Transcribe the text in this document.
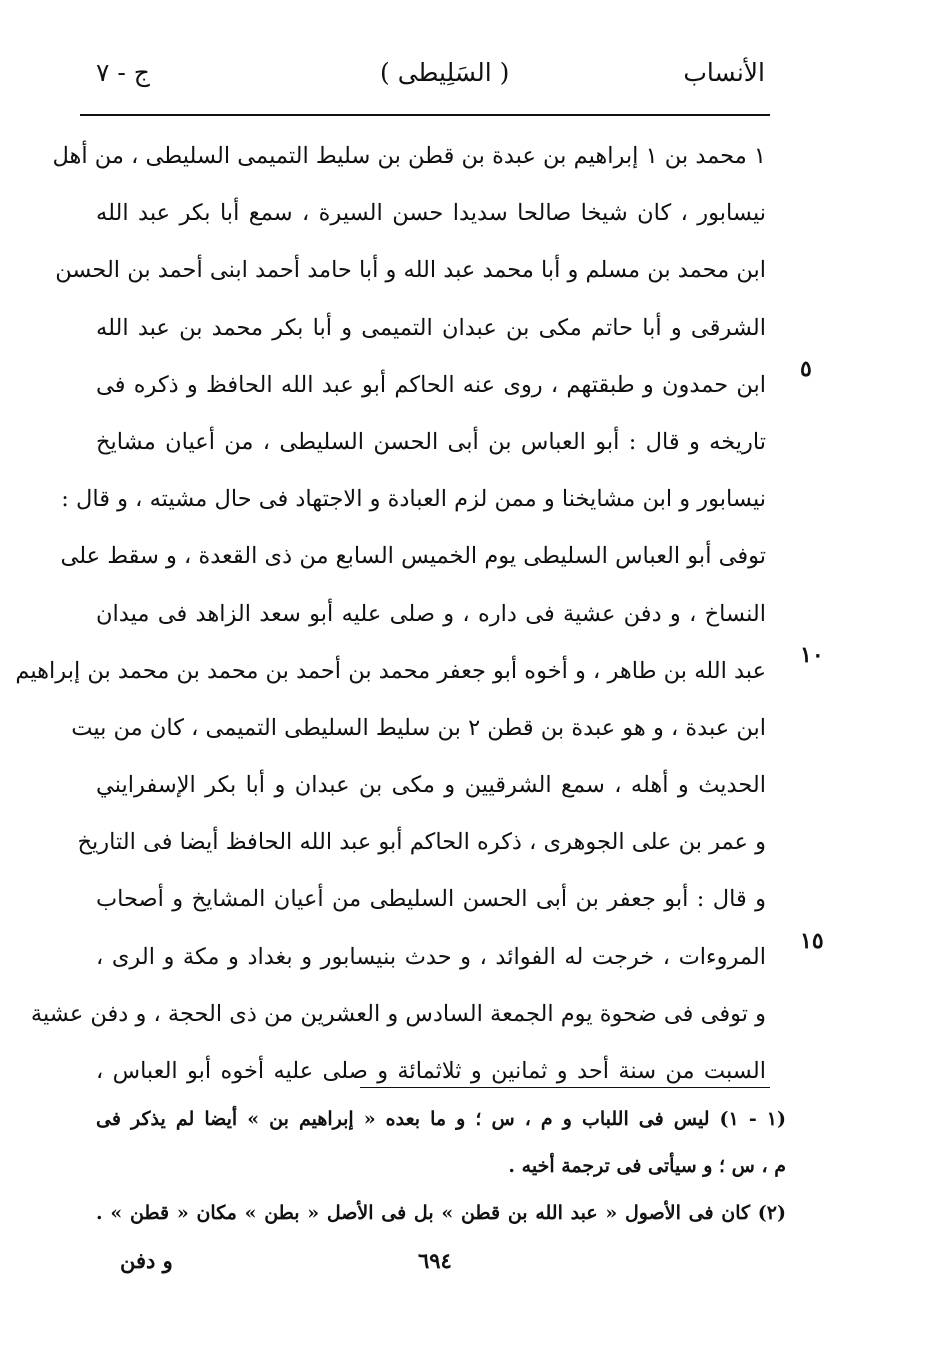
الأنساب
( السَلِيطى )
ج - ٧
١ محمد بن ١ إبراهيم بن عبدة بن قطن بن سليط التميمى السليطى ، من أهل
نيسابور ، كان شيخا صالحا سديدا حسن السيرة ، سمع أبا بكر عبد الله
ابن محمد بن مسلم و أبا محمد عبد الله و أبا حامد أحمد ابنى أحمد بن الحسن
الشرقى و أبا حاتم مكى بن عبدان التميمى و أبا بكر محمد بن عبد الله
ابن حمدون و طبقتهم ، روى عنه الحاكم أبو عبد الله الحافظ و ذكره فى
تاريخه و قال : أبو العباس بن أبى الحسن السليطى ، من أعيان مشايخ
نيسابور و ابن مشايخنا و ممن لزم العبادة و الاجتهاد فى حال مشيته ، و قال :
توفى أبو العباس السليطى يوم الخميس السابع من ذى القعدة ، و سقط على
النساخ ، و دفن عشية فى داره ، و صلى عليه أبو سعد الزاهد فى ميدان
عبد الله بن طاهر ، و أخوه أبو جعفر محمد بن أحمد بن محمد بن محمد بن إبراهيم
ابن عبدة ، و هو عبدة بن قطن ٢ بن سليط السليطى التميمى ، كان من بيت
الحديث و أهله ، سمع الشرقيين و مكى بن عبدان و أبا بكر الإسفرايني
و عمر بن على الجوهرى ، ذكره الحاكم أبو عبد الله الحافظ أيضا فى التاريخ
و قال : أبو جعفر بن أبى الحسن السليطى من أعيان المشايخ و أصحاب
المروءات ، خرجت له الفوائد ، و حدث بنيسابور و بغداد و مكة و الرى ،
و توفى فى ضحوة يوم الجمعة السادس و العشرين من ذى الحجة ، و دفن عشية
السبت من سنة أحد و ثمانين و ثلاثمائة و صلى عليه أخوه أبو العباس ،
٥
١٠
١٥
(١ - ١) ليس فى اللباب و م ، س ؛ و ما بعده « إبراهيم بن » أيضا لم يذكر فى
م ، س ؛ و سيأتى فى ترجمة أخيه .
(٢) كان فى الأصول « عبد الله بن قطن » بل فى الأصل « بطن » مكان « قطن » .
و دفن	٦٩٤
